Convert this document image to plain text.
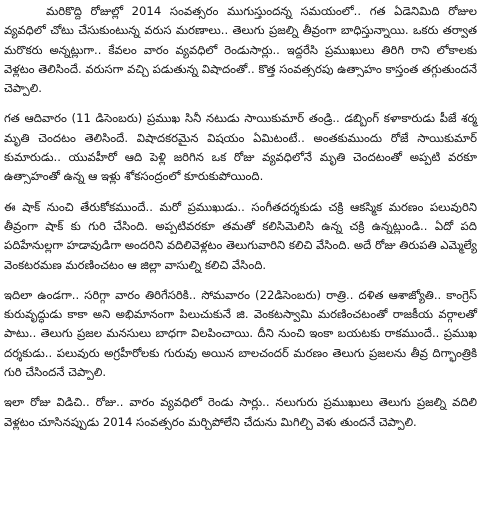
మరికొద్ది రోజుల్లో 2014 సంవత్సరం ముగుస్తుందన్న సమయంలో.. గత ఏడెనిమిది రోజుల వ్యవధిలో చోటు చేసుకుంటున్న వరుస మరణాలు.. తెలుగు ప్రజల్ని తీవ్రంగా బాధిస్తున్నాయి. ఒకరు తర్వాత మరొకరు అన్నట్లుగా.. కేవలం వారం వ్యవధిలో రెండుసార్లు.. ఇద్దరేసి ప్రముఖులు తిరిగి రాని లోకాలకు వెళ్లటం తెలిసిందే. వరుసగా వచ్చి పడుతున్న విషాదంతో.. కొత్త సంవత్సరపు ఉత్సాహం కాస్తంత తగ్గుతుందనే చెప్పాలి.

గత ఆదివారం (11 డిసెంబరు) ప్రముఖ సినీ నటుడు సాయికుమార్ తండ్రి.. డబ్బింగ్ కళాకారుడు పీజే శర్మ మృతి చెందటం తెలిసిందే. విషాదకరమైన విషయం ఏమిటంటే.. అంతకుముందు రోజే సాయికుమార్ కుమారుడు.. యువహీరో ఆది పెళ్లి జరిగిన ఒక రోజు వ్యవధిలోనే మృతి చెందటంతో అప్పటి వరకూ ఉత్సాహంతో ఉన్న ఆ ఇళ్లు శోకసంద్రంలో కూరుకుపోయింది.

ఈ షాక్ నుంచి తేరుకోకముందే.. మరో ప్రముఖుడు.. సంగీతదర్శకుడు చక్రి ఆకస్మిక మరణం పలువురిని తీవ్రంగా షాక్ కు గురి చేసింది. అప్పటివరకూ తమతో కలిసిమెలిసి ఉన్న చక్రి ఉన్నట్లుండి.. ఏదో పది పదిహేనుల్లగా హడావుడిగా అందరిని వదిలివెళ్లటం తెలుగువారిని కలిచి వేసింది. అదే రోజు తిరుపతి ఎమ్మెల్యే వెంకటరమణ మరణించటం ఆ జిల్లా వాసుల్ని కలిచి వేసింది.

ఇదిలా ఉండగా.. సరిగ్గా వారం తిరిగేసరికి.. సోమవారం (22డిసెంబరు) రాత్రి.. దళిత ఆశాజ్యోతి.. కాంగ్రెస్ కురువృద్ధుడు కాకా అని అభిమానంగా పిలుచుకునే జి. వెంకటస్వామి మరణించటంతో రాజకీయ వర్గాలతో పాటు.. తెలుగు ప్రజల మనసులు బాధగా విలపించాయి. దీని నుంచి ఇంకా బయటకు రాకముందే.. ప్రముఖ దర్శకుడు.. పలువురు అగ్రహీరోలకు గురువు అయిన బాలచందర్ మరణం తెలుగు ప్రజలను తీవ్ర దిగ్భాంత్రికి గురి చేసిందనే చెప్పాలి.

ఇలా రోజు విడిచి.. రోజు.. వారం వ్యవధిలో రెండు సార్లు.. నలుగురు ప్రముఖులు తెలుగు ప్రజల్ని వదిలి వెళ్లటం చూసినప్పుడు 2014 సంవత్సరం మర్చిపోలేని చేదును మిగిల్చి వెళు తుందనే చెప్పాలి.
